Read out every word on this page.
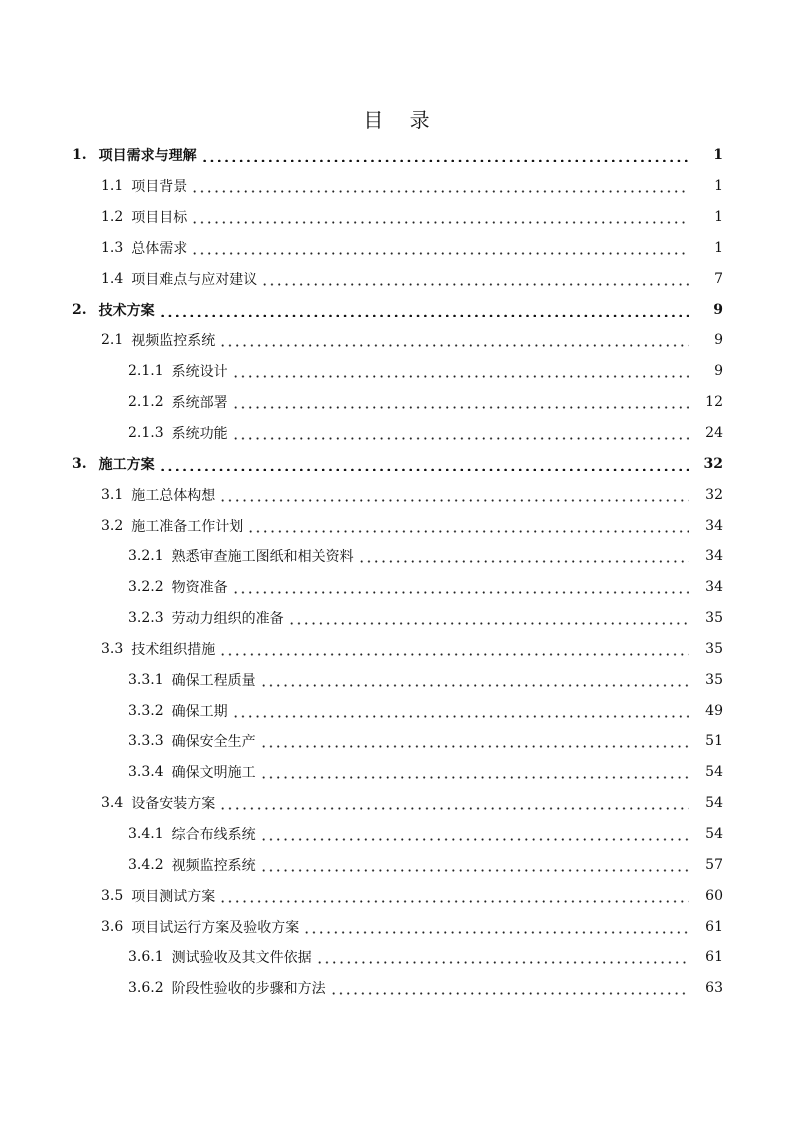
目 录
1. 项目需求与理解	1
1.1 项目背景	1
1.2 项目目标	1
1.3 总体需求	1
1.4 项目难点与应对建议	7
2. 技术方案	9
2.1 视频监控系统	9
2.1.1 系统设计	9
2.1.2 系统部署	12
2.1.3 系统功能	24
3. 施工方案	32
3.1 施工总体构想	32
3.2 施工准备工作计划	34
3.2.1 熟悉审查施工图纸和相关资料	34
3.2.2 物资准备	34
3.2.3 劳动力组织的准备	35
3.3 技术组织措施	35
3.3.1 确保工程质量	35
3.3.2 确保工期	49
3.3.3 确保安全生产	51
3.3.4 确保文明施工	54
3.4 设备安装方案	54
3.4.1 综合布线系统	54
3.4.2 视频监控系统	57
3.5 项目测试方案	60
3.6 项目试运行方案及验收方案	61
3.6.1 测试验收及其文件依据	61
3.6.2 阶段性验收的步骤和方法	63
